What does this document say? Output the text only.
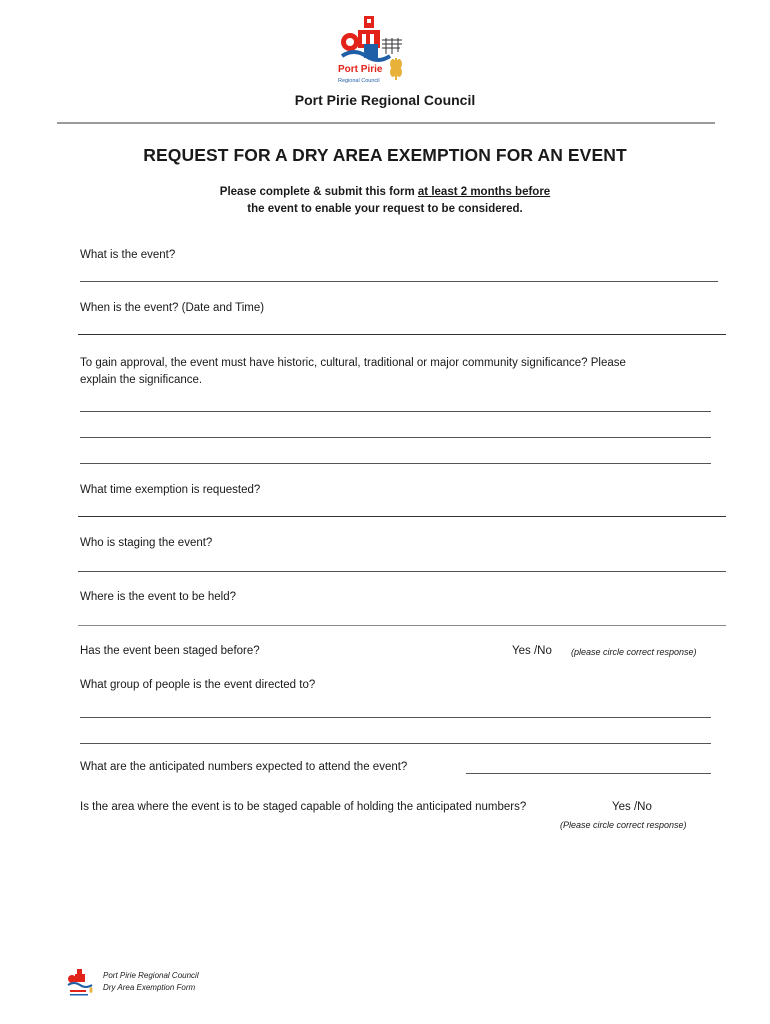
Port Pirie
Regional Council
Port Pirie Regional Council
REQUEST FOR A DRY AREA EXEMPTION FOR AN EVENT
Please complete & submit this form at least 2 months before
the event to enable your request to be considered.
What is the event?
When is the event? (Date and Time)
To gain approval, the event must have historic, cultural, traditional or major community significance? Please
explain the significance.
What time exemption is requested?
Who is staging the event?
Where is the event to be held?
Has the event been staged before?	Yes /No (please circle correct response)
What group of people is the event directed to?
What are the anticipated numbers expected to attend the event?
Is the area where the event is to be staged capable of holding the anticipated numbers?	Yes /No
(Please circle correct response)
Port Pirie Regional Council
Dry Area Exemption Form
